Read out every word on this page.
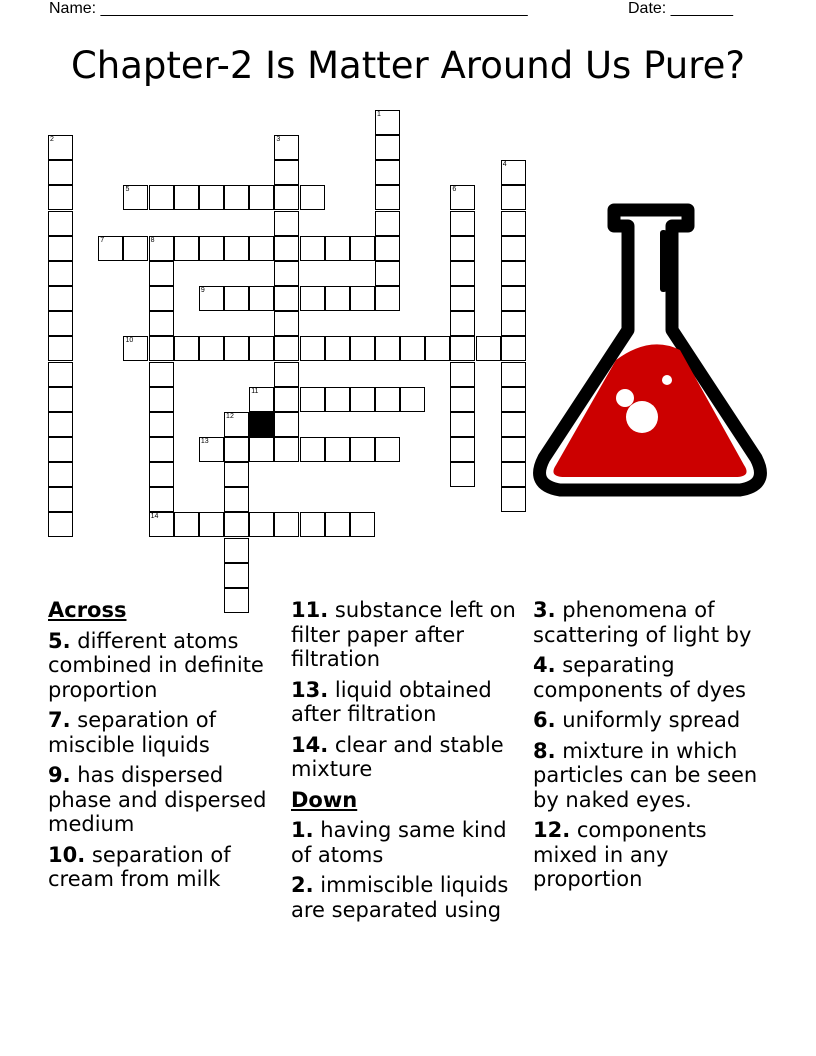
Name: ________________________________________________	Date: _______
Chapter-2 Is Matter Around Us Pure?
1
2	3
4
6
8
5
7
9
10
11
13
14
12
Across
5. different atoms combined in definite proportion
7. separation of miscible liquids
9. has dispersed phase and dispersed medium
10. separation of cream from milk
11. substance left on filter paper after filtration
13. liquid obtained after filtration
14. clear and stable mixture
Down
1. having same kind of atoms
2. immiscible liquids are separated using
3. phenomena of scattering of light by
4. separating components of dyes
6. uniformly spread
8. mixture in which particles can be seen by naked eyes.
12. components mixed in any proportion
